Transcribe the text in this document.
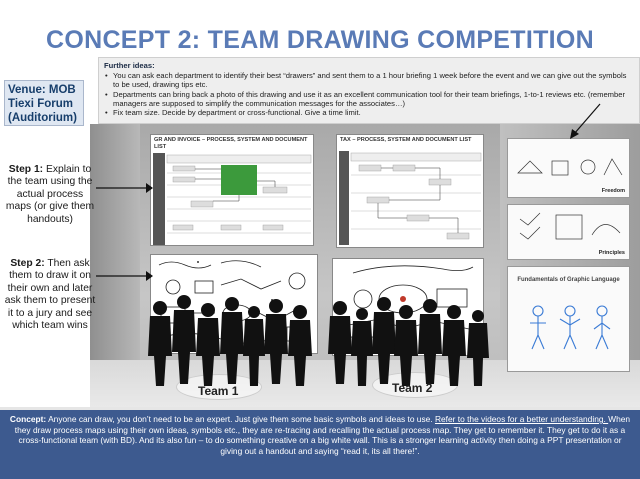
CONCEPT 2: TEAM DRAWING COMPETITION
Venue: MOB
Tiexi Forum
(Auditorium)
Further ideas:
• You can ask each department to identify their best “drawers” and sent them to a 1 hour briefing 1 week before the event and we can give out the symbols to be used, drawing tips etc.
• Departments can bring back a photo of this drawing and use it as an excellent communication tool for their team briefings, 1-to-1 reviews etc. (remember managers are supposed to simplify the communication messages for the associates…)
• Fix team size. Decide by department or cross-functional. Give a time limit.
GR AND INVOICE – PROCESS, SYSTEM AND DOCUMENT LIST
TAX – PROCESS, SYSTEM AND DOCUMENT LIST
Freedom
Principles
Fundamentals of Graphic Language
Team 1	Team 2
Step 1: Explain to the team using the actual process maps (or give them handouts)
Step 2: Then ask them to draw it on their own and later ask them to present it to a jury and see which team wins
Concept: Anyone can draw, you don’t need to be an expert. Just give them some basic symbols and ideas to use. Refer to the videos for a better understanding. When they draw process maps using their own ideas, symbols etc., they are re-tracing and recalling the actual process map. They get to remember it. They get to do it as a cross-functional team (with BD). And its also fun – to do something creative on a big white wall. This is a stronger learning activity then doing a PPT presentation or giving out a handout and saying “read it, its all there!”.
